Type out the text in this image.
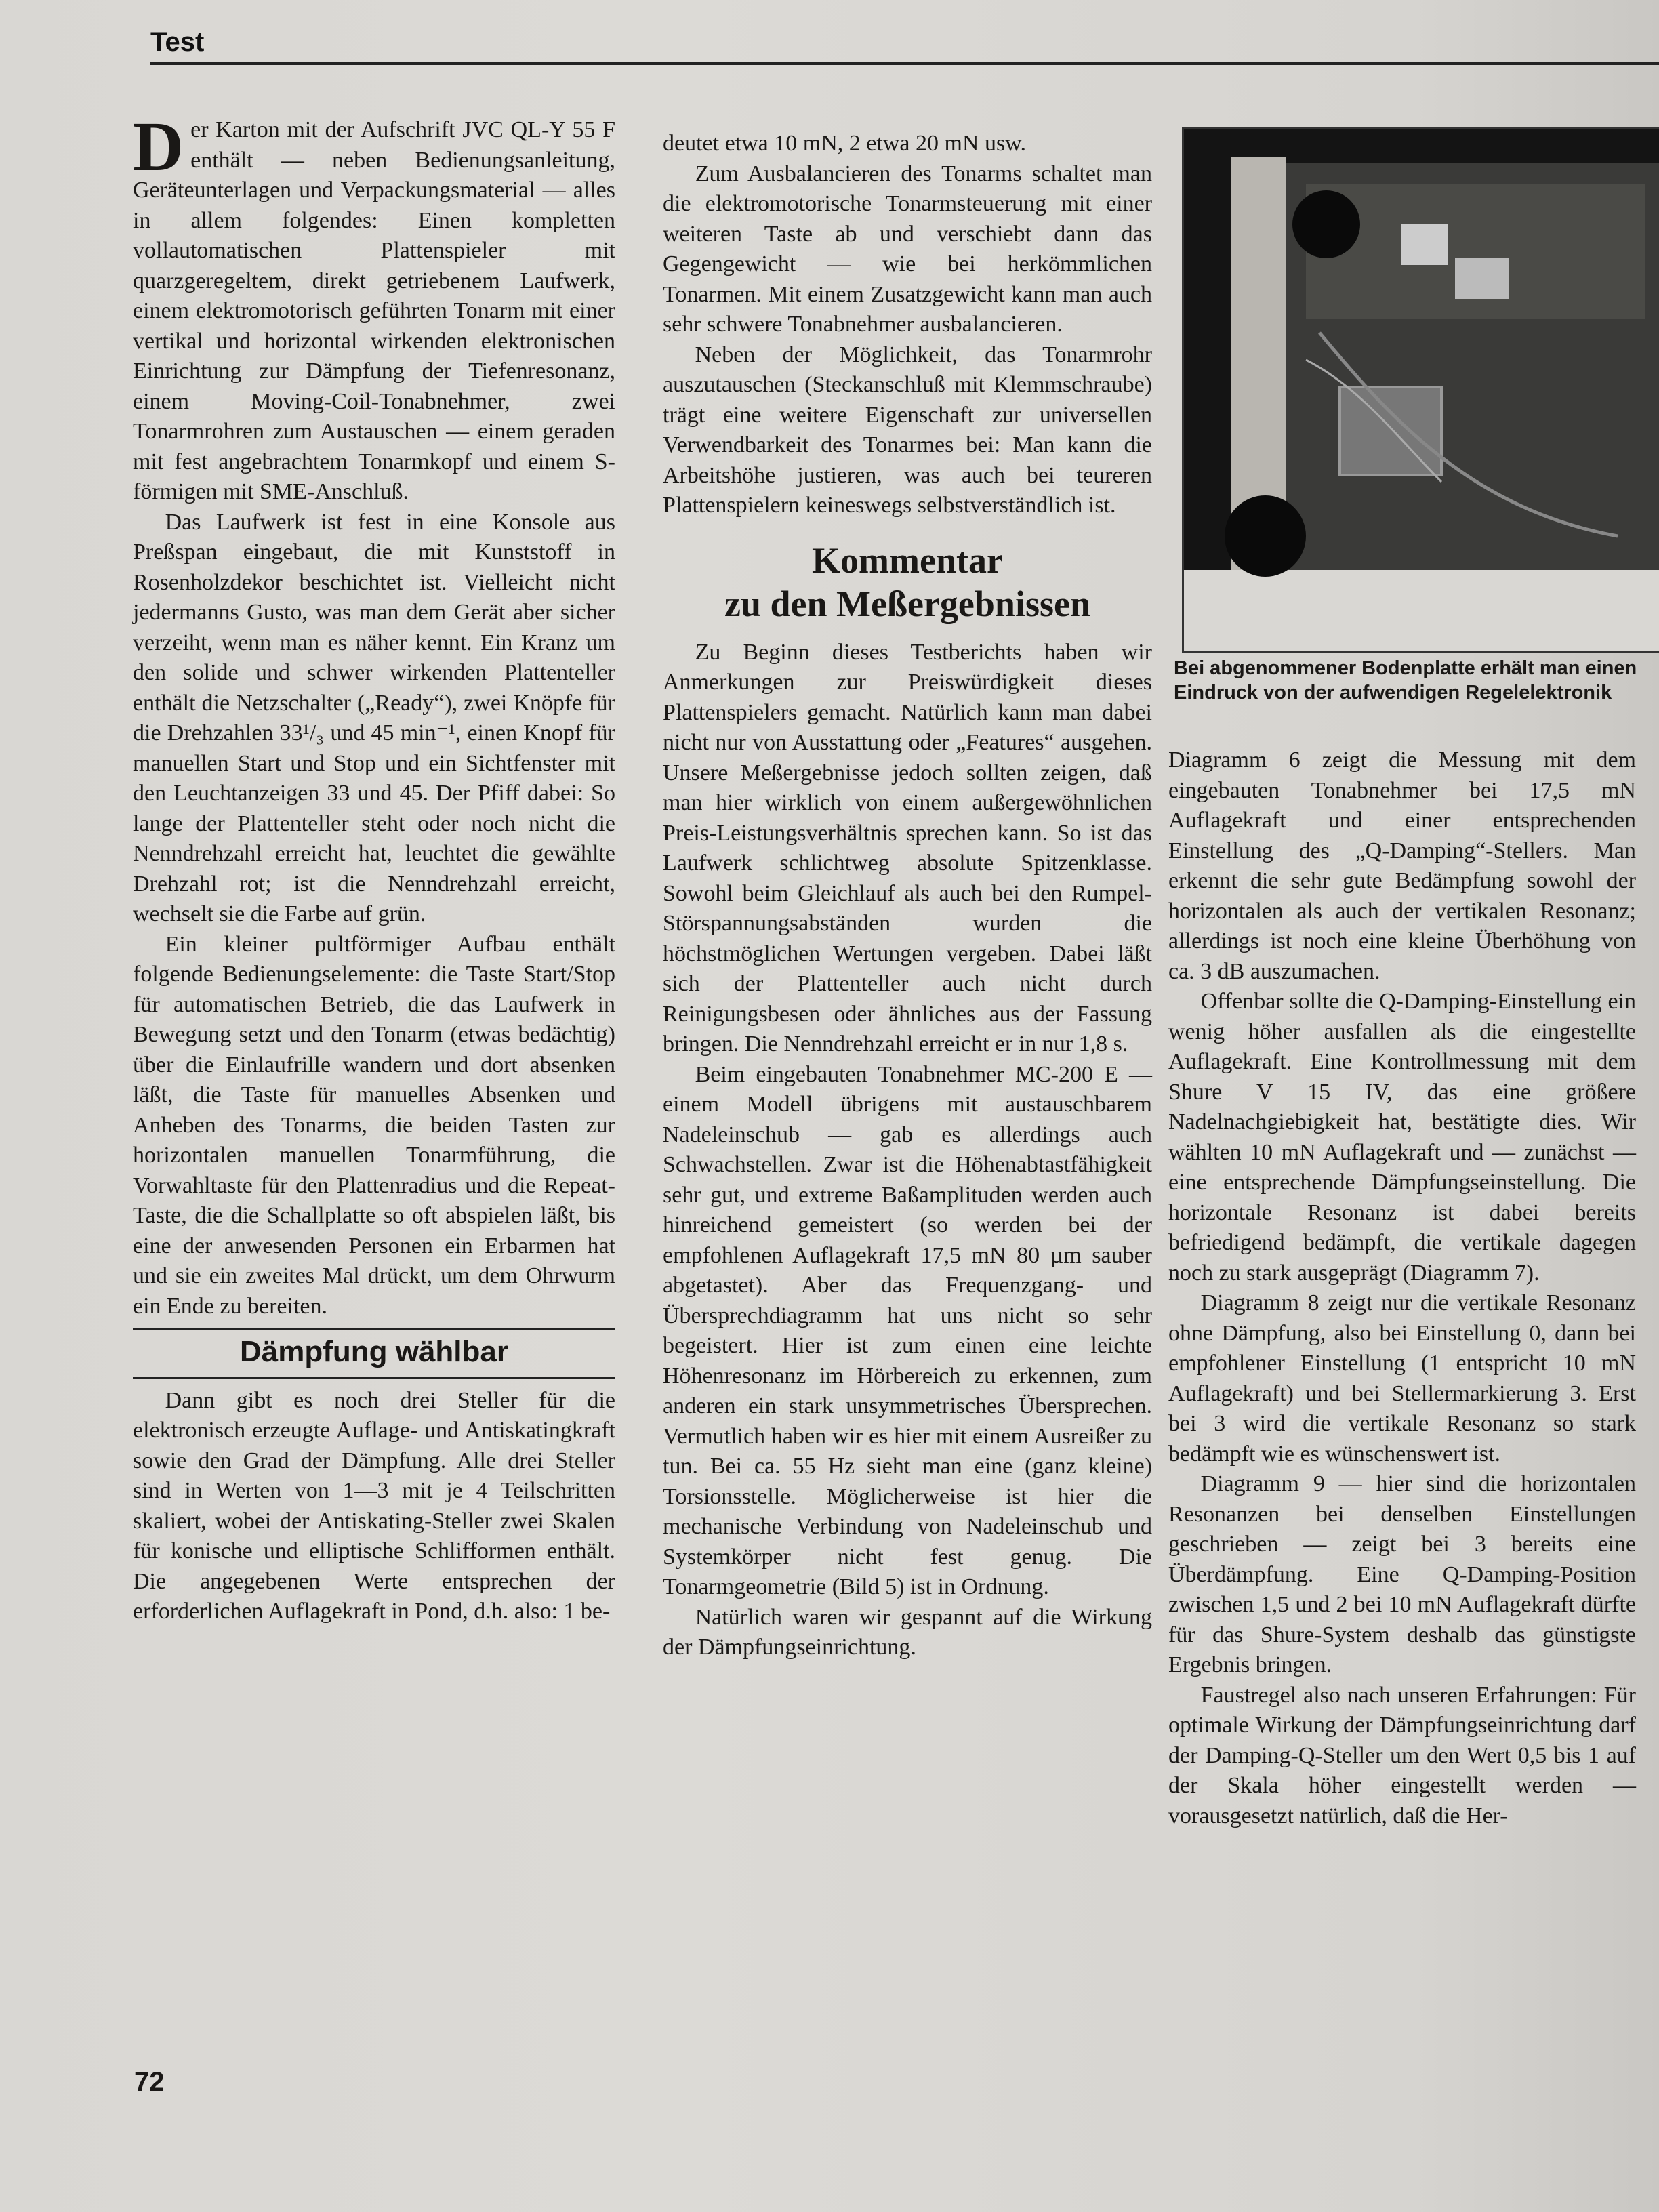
Test

Der Karton mit der Aufschrift JVC QL-Y 55 F enthält — neben Bedienungsanleitung, Geräteunterlagen und Verpackungsmaterial — alles in allem folgendes: Einen kompletten vollautomatischen Plattenspieler mit quarzgeregeltem, direkt getriebenem Laufwerk, einem elektromotorisch geführten Tonarm mit einer vertikal und horizontal wirkenden elektronischen Einrichtung zur Dämpfung der Tiefenresonanz, einem Moving-Coil-Tonabnehmer, zwei Tonarmrohren zum Austauschen — einem geraden mit fest angebrachtem Tonarmkopf und einem S-förmigen mit SME-Anschluß.

Das Laufwerk ist fest in eine Konsole aus Preßspan eingebaut, die mit Kunststoff in Rosenholzdekor beschichtet ist. Vielleicht nicht jedermanns Gusto, was man dem Gerät aber sicher verzeiht, wenn man es näher kennt. Ein Kranz um den solide und schwer wirkenden Plattenteller enthält die Netzschalter („Ready“), zwei Knöpfe für die Drehzahlen 33¹/₃ und 45 min⁻¹, einen Knopf für manuellen Start und Stop und ein Sichtfenster mit den Leuchtanzeigen 33 und 45. Der Pfiff dabei: So lange der Plattenteller steht oder noch nicht die Nenndrehzahl erreicht hat, leuchtet die gewählte Drehzahl rot; ist die Nenndrehzahl erreicht, wechselt sie die Farbe auf grün.

Ein kleiner pultförmiger Aufbau enthält folgende Bedienungselemente: die Taste Start/Stop für automatischen Betrieb, die das Laufwerk in Bewegung setzt und den Tonarm (etwas bedächtig) über die Einlaufrille wandern und dort absenken läßt, die Taste für manuelles Absenken und Anheben des Tonarms, die beiden Tasten zur horizontalen manuellen Tonarmführung, die Vorwahltaste für den Plattenradius und die Repeat-Taste, die die Schallplatte so oft abspielen läßt, bis eine der anwesenden Personen ein Erbarmen hat und sie ein zweites Mal drückt, um dem Ohrwurm ein Ende zu bereiten.

Dämpfung wählbar

Dann gibt es noch drei Steller für die elektronisch erzeugte Auflage- und Antiskatingkraft sowie den Grad der Dämpfung. Alle drei Steller sind in Werten von 1—3 mit je 4 Teilschritten skaliert, wobei der Antiskating-Steller zwei Skalen für konische und elliptische Schlifformen enthält. Die angegebenen Werte entsprechen der erforderlichen Auflagekraft in Pond, d.h. also: 1 be-

deutet etwa 10 mN, 2 etwa 20 mN usw.

Zum Ausbalancieren des Tonarms schaltet man die elektromotorische Tonarmsteuerung mit einer weiteren Taste ab und verschiebt dann das Gegengewicht — wie bei herkömmlichen Tonarmen. Mit einem Zusatzgewicht kann man auch sehr schwere Tonabnehmer ausbalancieren.

Neben der Möglichkeit, das Tonarmrohr auszutauschen (Steckanschluß mit Klemmschraube) trägt eine weitere Eigenschaft zur universellen Verwendbarkeit des Tonarmes bei: Man kann die Arbeitshöhe justieren, was auch bei teureren Plattenspielern keineswegs selbstverständlich ist.

Kommentar
zu den Meßergebnissen

Zu Beginn dieses Testberichts haben wir Anmerkungen zur Preiswürdigkeit dieses Plattenspielers gemacht. Natürlich kann man dabei nicht nur von Ausstattung oder „Features“ ausgehen. Unsere Meßergebnisse jedoch sollten zeigen, daß man hier wirklich von einem außergewöhnlichen Preis-Leistungsverhältnis sprechen kann. So ist das Laufwerk schlichtweg absolute Spitzenklasse. Sowohl beim Gleichlauf als auch bei den Rumpel-Störspannungsabständen wurden die höchstmöglichen Wertungen vergeben. Dabei läßt sich der Plattenteller auch nicht durch Reinigungsbesen oder ähnliches aus der Fassung bringen. Die Nenndrehzahl erreicht er in nur 1,8 s.

Beim eingebauten Tonabnehmer MC-200 E — einem Modell übrigens mit austauschbarem Nadeleinschub — gab es allerdings auch Schwachstellen. Zwar ist die Höhenabtastfähigkeit sehr gut, und extreme Baßamplituden werden auch hinreichend gemeistert (so werden bei der empfohlenen Auflagekraft 17,5 mN 80 µm sauber abgetastet). Aber das Frequenzgang- und Übersprechdiagramm hat uns nicht so sehr begeistert. Hier ist zum einen eine leichte Höhenresonanz im Hörbereich zu erkennen, zum anderen ein stark unsymmetrisches Übersprechen. Vermutlich haben wir es hier mit einem Ausreißer zu tun. Bei ca. 55 Hz sieht man eine (ganz kleine) Torsionsstelle. Möglicherweise ist hier die mechanische Verbindung von Nadeleinschub und Systemkörper nicht fest genug. Die Tonarmgeometrie (Bild 5) ist in Ordnung.

Natürlich waren wir gespannt auf die Wirkung der Dämpfungseinrichtung.

Bei abgenommener Bodenplatte erhält man einen Eindruck von der aufwendigen Regelelektronik

Diagramm 6 zeigt die Messung mit dem eingebauten Tonabnehmer bei 17,5 mN Auflagekraft und einer entsprechenden Einstellung des „Q-Damping“-Stellers. Man erkennt die sehr gute Bedämpfung sowohl der horizontalen als auch der vertikalen Resonanz; allerdings ist noch eine kleine Überhöhung von ca. 3 dB auszumachen.

Offenbar sollte die Q-Damping-Einstellung ein wenig höher ausfallen als die eingestellte Auflagekraft. Eine Kontrollmessung mit dem Shure V 15 IV, das eine größere Nadelnachgiebigkeit hat, bestätigte dies. Wir wählten 10 mN Auflagekraft und — zunächst — eine entsprechende Dämpfungseinstellung. Die horizontale Resonanz ist dabei bereits befriedigend bedämpft, die vertikale dagegen noch zu stark ausgeprägt (Diagramm 7).

Diagramm 8 zeigt nur die vertikale Resonanz ohne Dämpfung, also bei Einstellung 0, dann bei empfohlener Einstellung (1 entspricht 10 mN Auflagekraft) und bei Stellermarkierung 3. Erst bei 3 wird die vertikale Resonanz so stark bedämpft wie es wünschenswert ist.

Diagramm 9 — hier sind die horizontalen Resonanzen bei denselben Einstellungen geschrieben — zeigt bei 3 bereits eine Überdämpfung. Eine Q-Damping-Position zwischen 1,5 und 2 bei 10 mN Auflagekraft dürfte für das Shure-System deshalb das günstigste Ergebnis bringen.

Faustregel also nach unseren Erfahrungen: Für optimale Wirkung der Dämpfungseinrichtung darf der Damping-Q-Steller um den Wert 0,5 bis 1 auf der Skala höher eingestellt werden — vorausgesetzt natürlich, daß die Her-

72
